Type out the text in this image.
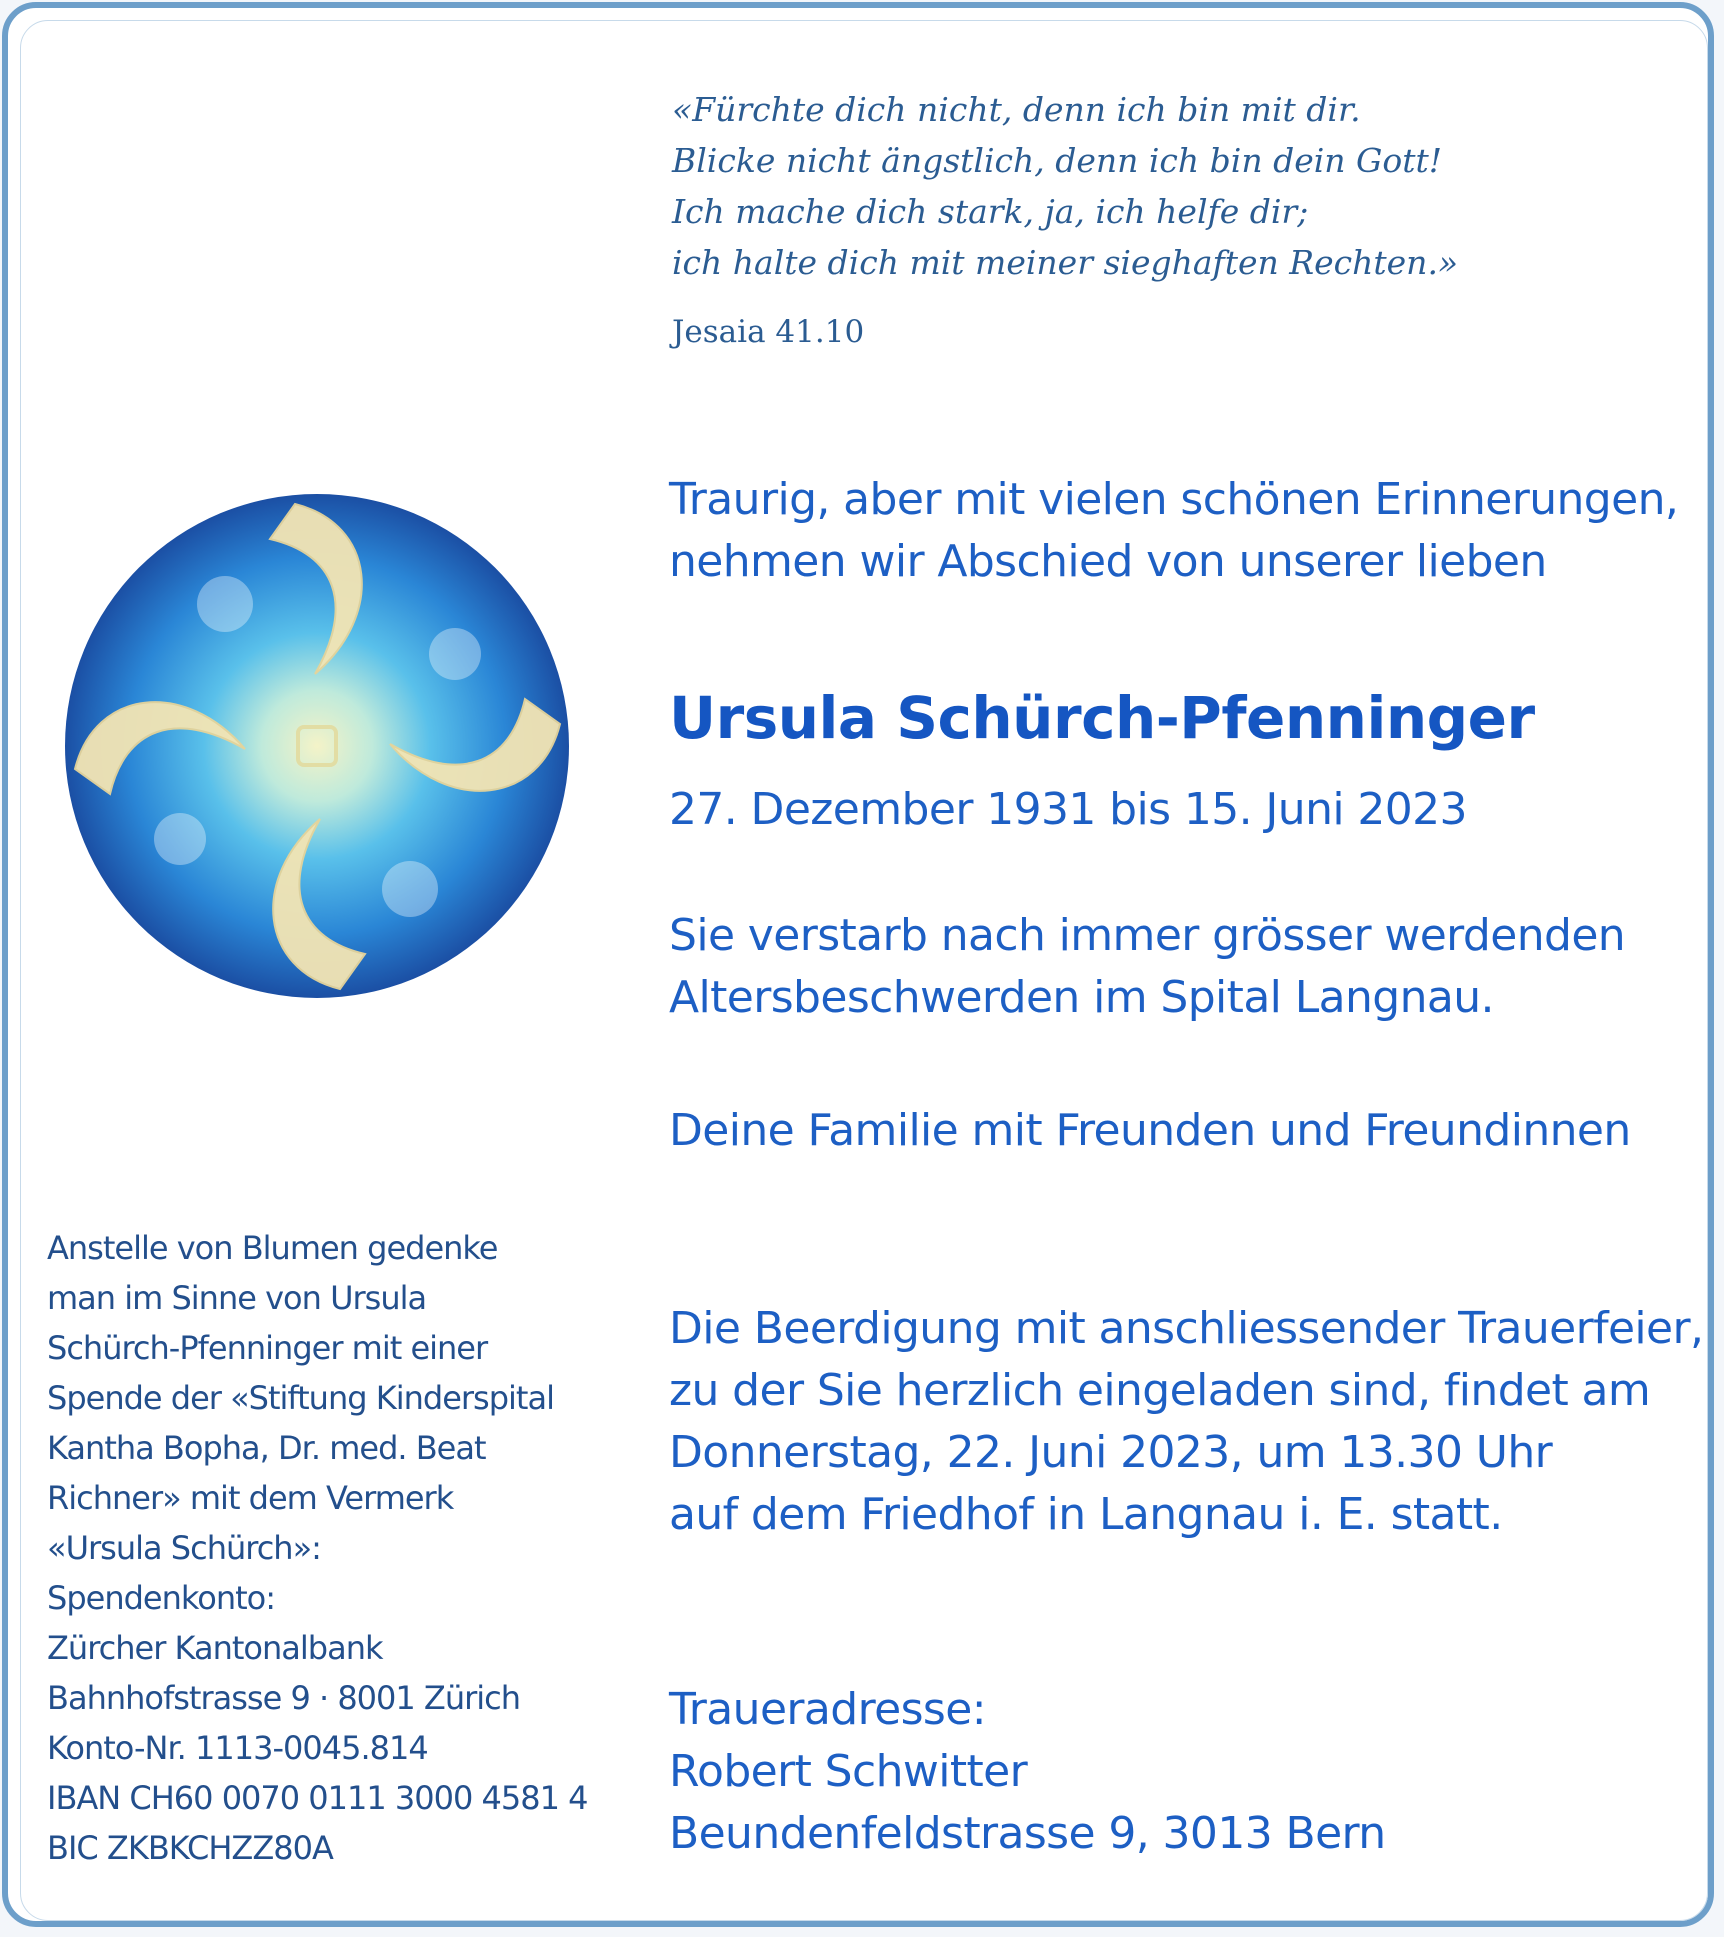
«Fürchte dich nicht, denn ich bin mit dir.
Blicke nicht ängstlich, denn ich bin dein Gott!
Ich mache dich stark, ja, ich helfe dir;
ich halte dich mit meiner sieghaften Rechten.»
Jesaia 41.10
Traurig, aber mit vielen schönen Erinnerungen,
nehmen wir Abschied von unserer lieben
Ursula Schürch-Pfenninger
27. Dezember 1931 bis 15. Juni 2023
Sie verstarb nach immer grösser werdenden
Altersbeschwerden im Spital Langnau.
Deine Familie mit Freunden und Freundinnen
Die Beerdigung mit anschliessender Trauerfeier,
zu der Sie herzlich eingeladen sind, findet am
Donnerstag, 22. Juni 2023, um 13.30 Uhr
auf dem Friedhof in Langnau i. E. statt.
Traueradresse:
Robert Schwitter
Beundenfeldstrasse 9, 3013 Bern
Anstelle von Blumen gedenke
man im Sinne von Ursula
Schürch-Pfenninger mit einer
Spende der «Stiftung Kinderspital
Kantha Bopha, Dr. med. Beat
Richner» mit dem Vermerk
«Ursula Schürch»:
Spendenkonto:
Zürcher Kantonalbank
Bahnhofstrasse 9 · 8001 Zürich
Konto-Nr. 1113-0045.814
IBAN CH60 0070 0111 3000 4581 4
BIC ZKBKCHZZ80A
